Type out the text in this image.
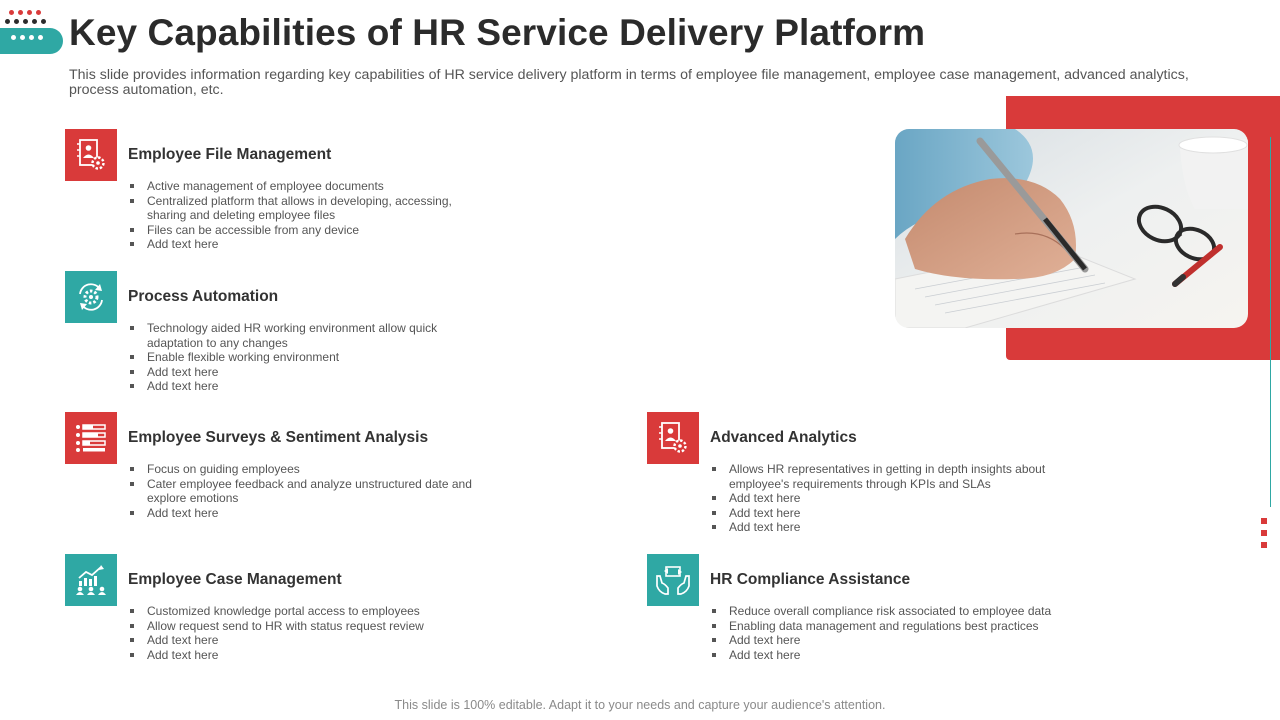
Key Capabilities of HR Service Delivery Platform

This slide provides information regarding key capabilities of HR service delivery platform in terms of employee file management, employee case management, advanced analytics, process automation, etc.

Employee File Management
Active management of employee documents
Centralized platform that allows in developing, accessing,
sharing and deleting employee files
Files can be accessible from any device
Add text here
Process Automation
Technology aided HR working environment allow quick
adaptation to any changes
Enable flexible working environment
Add text here
Add text here
Employee Surveys & Sentiment Analysis
Focus on guiding employees
Cater employee feedback and analyze unstructured date and
explore emotions
Add text here
Employee Case Management
Customized knowledge portal access to employees
Allow request send to HR with status request review
Add text here
Add text here
Advanced Analytics
Allows HR representatives in getting in depth insights about
employee's requirements through KPIs and SLAs
Add text here
Add text here
Add text here
HR Compliance Assistance
Reduce overall compliance risk associated to employee data
Enabling data management and regulations best practices
Add text here
Add text here
This slide is 100% editable. Adapt it to your needs and capture your audience's attention.
